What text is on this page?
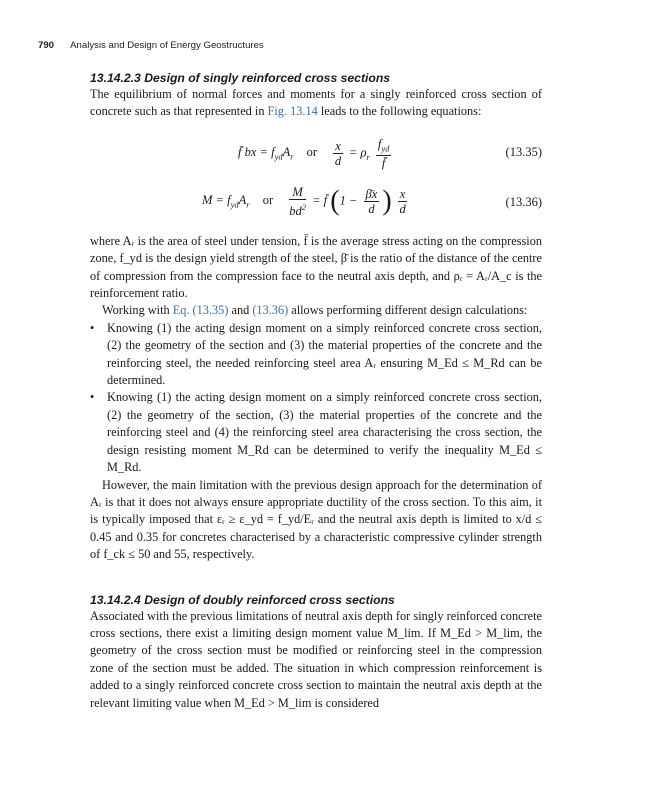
790 Analysis and Design of Energy Geostructures
13.14.2.3 Design of singly reinforced cross sections

The equilibrium of normal forces and moments for a singly reinforced cross section of concrete such as that represented in Fig. 13.14 leads to the following equations:

f̄ bx = $f_{yd}A_r$ or $\frac{x}{d} = \rho_r \frac{f_{yd}}{f̄}$	(13.35)
$M = f_{yd}A_r$ or $\frac{M}{bd^2}$ = f̄ ($1 - \frac{\betāx}{d}$ ) $\frac{x}{d}$	(13.36)

where Aᵣ is the area of steel under tension, f̄ is the average stress acting on the compression zone, f_yd is the design yield strength of the steel, β̄ is the ratio of the distance of the centre of compression from the compression face to the neutral axis depth, and ρᵣ = Aᵣ/A_c is the reinforcement ratio.

Working with Eq. (13.35) and (13.36) allows performing different design calculations:

• Knowing (1) the acting design moment on a simply reinforced concrete cross section, (2) the geometry of the section and (3) the material properties of the concrete and the reinforcing steel, the needed reinforcing steel area Aᵣ ensuring M_Ed ≤ M_Rd can be determined.
• Knowing (1) the acting design moment on a simply reinforced concrete cross section, (2) the geometry of the section, (3) the material properties of the concrete and the reinforcing steel and (4) the reinforcing steel area characterising the cross section, the design resisting moment M_Rd can be determined to verify the inequality M_Ed ≤ M_Rd.

However, the main limitation with the previous design approach for the determination of Aᵣ is that it does not always ensure appropriate ductility of the cross section. To this aim, it is typically imposed that εᵣ ≥ ε_yd = f_yd/Eᵣ and the neutral axis depth is limited to x/d ≤ 0.45 and 0.35 for concretes characterised by a characteristic compressive cylinder strength of f_ck ≤ 50 and 55, respectively.

13.14.2.4 Design of doubly reinforced cross sections

Associated with the previous limitations of neutral axis depth for singly reinforced concrete cross sections, there exist a limiting design moment value M_lim. If M_Ed > M_lim, the geometry of the cross section must be modified or reinforcing steel in the compression zone of the section must be added. The situation in which compression reinforcement is added to a singly reinforced concrete cross section to maintain the neutral axis depth at the relevant limiting value when M_Ed > M_lim is considered
